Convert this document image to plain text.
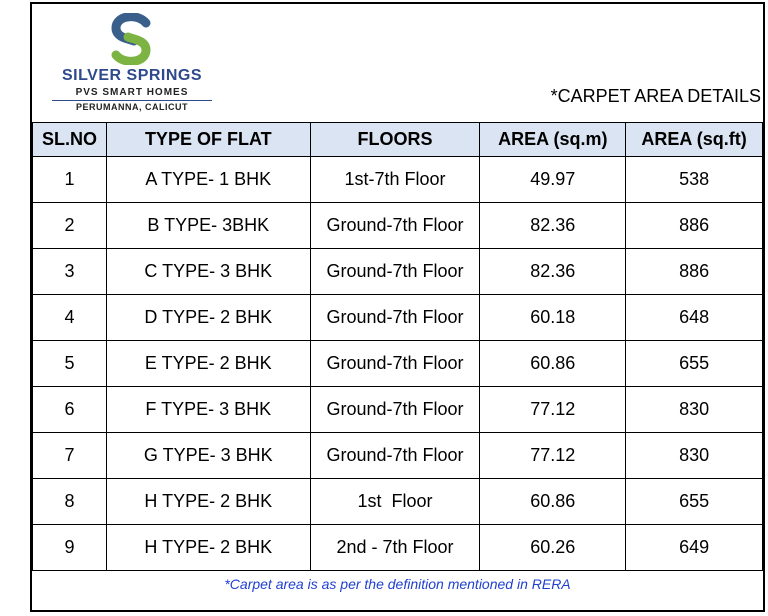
SILVER SPRINGS
PVS SMART HOMES
PERUMANNA, CALICUT
*CARPET AREA DETAILS
SL.NO	TYPE OF FLAT	FLOORS	AREA (sq.m)	AREA (sq.ft)
1	A TYPE- 1 BHK	1st-7th Floor	49.97	538
2	B TYPE- 3BHK	Ground-7th Floor	82.36	886
3	C TYPE- 3 BHK	Ground-7th Floor	82.36	886
4	D TYPE- 2 BHK	Ground-7th Floor	60.18	648
5	E TYPE- 2 BHK	Ground-7th Floor	60.86	655
6	F TYPE- 3 BHK	Ground-7th Floor	77.12	830
7	G TYPE- 3 BHK	Ground-7th Floor	77.12	830
8	H TYPE- 2 BHK	1st  Floor	60.86	655
9	H TYPE- 2 BHK	2nd - 7th Floor	60.26	649
*Carpet area is as per the definition mentioned in RERA
